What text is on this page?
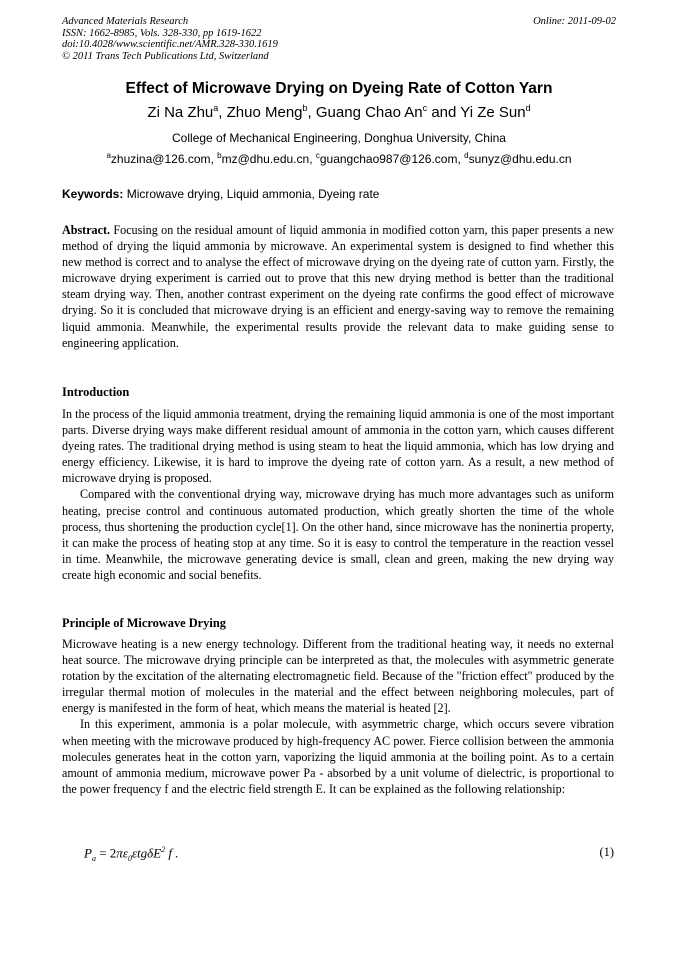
Advanced Materials Research
ISSN: 1662-8985, Vols. 328-330, pp 1619-1622
doi:10.4028/www.scientific.net/AMR.328-330.1619
© 2011 Trans Tech Publications Ltd, Switzerland
Online: 2011-09-02
Effect of Microwave Drying on Dyeing Rate of Cotton Yarn
Zi Na Zhu$^a$, Zhuo Meng$^b$, Guang Chao An$^c$ and Yi Ze Sun$^d$
College of Mechanical Engineering, Donghua University, China
$^a$zhuzina@126.com, $^b$mz@dhu.edu.cn, $^c$guangchao987@126.com, $^d$sunyz@dhu.edu.cn
Keywords: Microwave drying, Liquid ammonia, Dyeing rate

Abstract. Focusing on the residual amount of liquid ammonia in modified cotton yarn, this paper presents a new method of drying the liquid ammonia by microwave. An experimental system is designed to find whether this new method is correct and to analyse the effect of microwave drying on the dyeing rate of cutton yarn. Firstly, the microwave drying experiment is carried out to prove that this new drying method is better than the traditional steam drying way. Then, another contrast experiment on the dyeing rate confirms the good effect of microwave drying. So it is concluded that microwave drying is an efficient and energy-saving way to remove the remaining liquid ammonia. Meanwhile, the experimental results provide the relevant data to make guiding sense to engineering application.

Introduction

In the process of the liquid ammonia treatment, drying the remaining liquid ammonia is one of the most important parts. Diverse drying ways make different residual amount of ammonia in the cotton yarn, which causes different dyeing rates. The traditional drying method is using steam to heat the liquid ammonia, which has low drying and energy efficiency. Likewise, it is hard to improve the dyeing rate of cotton yarn. As a result, a new method of microwave drying is proposed.

Compared with the conventional drying way, microwave drying has much more advantages such as uniform heating, precise control and continuous automated production, which greatly shorten the time of the whole process, thus shortening the production cycle[1]. On the other hand, since microwave has the noninertia property, it can make the process of heating stop at any time. So it is easy to control the temperature in the reaction vessel in time. Meanwhile, the microwave generating device is small, clean and green, making the new drying way create high economic and social benefits.

Principle of Microwave Drying

Microwave heating is a new energy technology. Different from the traditional heating way, it needs no external heat source. The microwave drying principle can be interpreted as that, the molecules with asymmetric generate rotation by the excitation of the alternating electromagnetic field. Because of the "friction effect" produced by the irregular thermal motion of molecules in the material and the effect between neighboring molecules, part of energy is manifested in the form of heat, which means the material is heated [2].

In this experiment, ammonia is a polar molecule, with asymmetric charge, which occurs severe vibration when meeting with the microwave produced by high-frequency AC power. Fierce collision between the ammonia molecules generates heat in the cotton yarn, vaporizing the liquid ammonia at the boiling point. As to a certain amount of ammonia medium, microwave power Pa - absorbed by a unit volume of dielectric, is proportional to the power frequency f and the electric field strength E. It can be explained as the following relationship:

$P_a = 2\pi\varepsilon_0\varepsilon tg\delta E^2$ f .	(1)
